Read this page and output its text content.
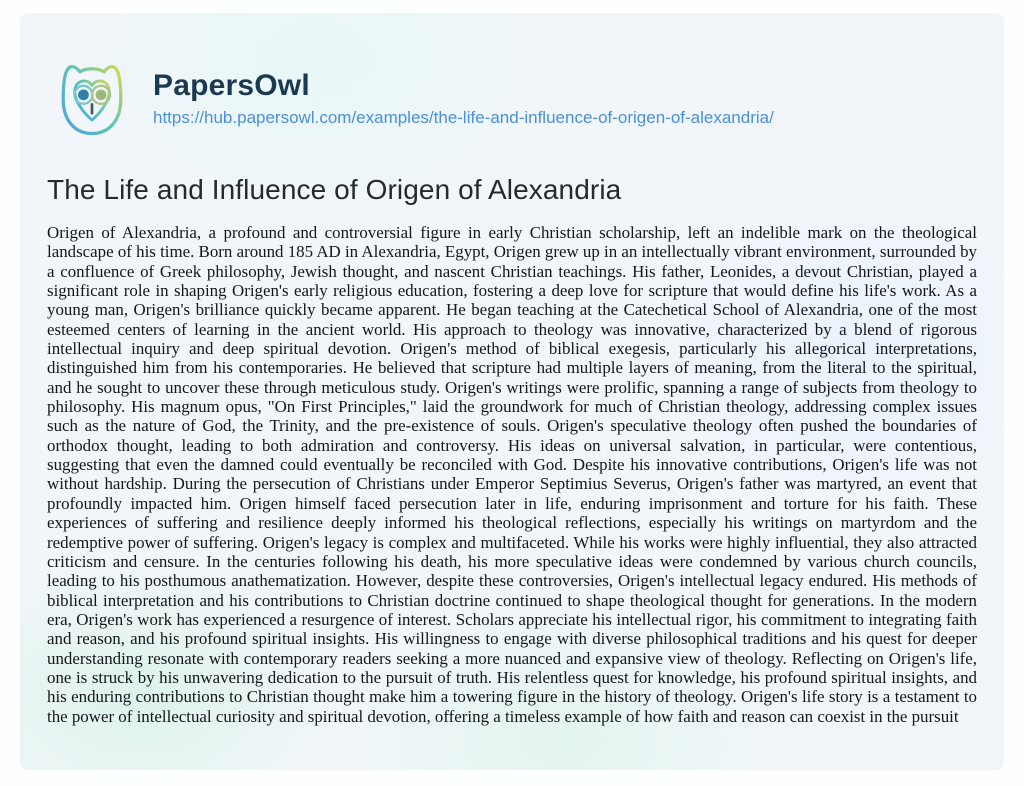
PapersOwl
https://hub.papersowl.com/examples/the-life-and-influence-of-origen-of-alexandria/
The Life and Influence of Origen of Alexandria

Origen of Alexandria, a profound and controversial figure in early Christian scholarship, left an indelible mark on the theological landscape of his time. Born around 185 AD in Alexandria, Egypt, Origen grew up in an intellectually vibrant environment, surrounded by a confluence of Greek philosophy, Jewish thought, and nascent Christian teachings. His father, Leonides, a devout Christian, played a significant role in shaping Origen's early religious education, fostering a deep love for scripture that would define his life's work. As a young man, Origen's brilliance quickly became apparent. He began teaching at the Catechetical School of Alexandria, one of the most esteemed centers of learning in the ancient world. His approach to theology was innovative, characterized by a blend of rigorous intellectual inquiry and deep spiritual devotion. Origen's method of biblical exegesis, particularly his allegorical interpretations, distinguished him from his contemporaries. He believed that scripture had multiple layers of meaning, from the literal to the spiritual, and he sought to uncover these through meticulous study. Origen's writings were prolific, spanning a range of subjects from theology to philosophy. His magnum opus, "On First Principles," laid the groundwork for much of Christian theology, addressing complex issues such as the nature of God, the Trinity, and the pre-existence of souls. Origen's speculative theology often pushed the boundaries of orthodox thought, leading to both admiration and controversy. His ideas on universal salvation, in particular, were contentious, suggesting that even the damned could eventually be reconciled with God. Despite his innovative contributions, Origen's life was not without hardship. During the persecution of Christians under Emperor Septimius Severus, Origen's father was martyred, an event that profoundly impacted him. Origen himself faced persecution later in life, enduring imprisonment and torture for his faith. These experiences of suffering and resilience deeply informed his theological reflections, especially his writings on martyrdom and the redemptive power of suffering. Origen's legacy is complex and multifaceted. While his works were highly influential, they also attracted criticism and censure. In the centuries following his death, his more speculative ideas were condemned by various church councils, leading to his posthumous anathematization. However, despite these controversies, Origen's intellectual legacy endured. His methods of biblical interpretation and his contributions to Christian doctrine continued to shape theological thought for generations. In the modern era, Origen's work has experienced a resurgence of interest. Scholars appreciate his intellectual rigor, his commitment to integrating faith and reason, and his profound spiritual insights. His willingness to engage with diverse philosophical traditions and his quest for deeper understanding resonate with contemporary readers seeking a more nuanced and expansive view of theology. Reflecting on Origen's life, one is struck by his unwavering dedication to the pursuit of truth. His relentless quest for knowledge, his profound spiritual insights, and his enduring contributions to Christian thought make him a towering figure in the history of theology. Origen's life story is a testament to the power of intellectual curiosity and spiritual devotion, offering a timeless example of how faith and reason can coexist in the pursuit
